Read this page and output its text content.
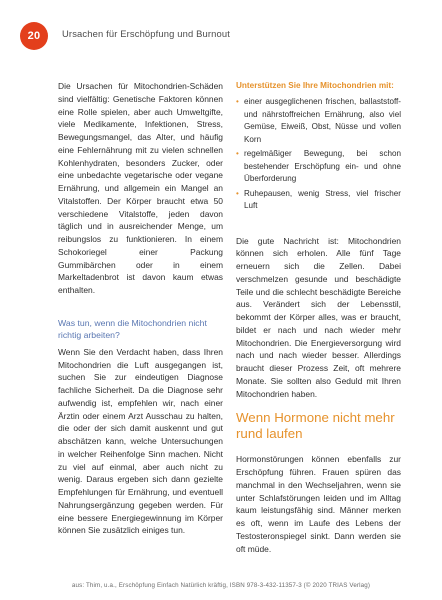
20 Ursachen für Erschöpfung und Burnout

Die Ursachen für Mitochondrien-Schäden sind vielfältig: Genetische Faktoren können eine Rolle spielen, aber auch Umweltgifte, viele Medikamente, Infektionen, Stress, Bewegungsmangel, das Alter, und häufig eine Fehlernährung mit zu vielen schnellen Kohlenhydraten, besonders Zucker, oder eine unbedachte vegetarische oder vegane Ernährung, und allgemein ein Mangel an Vitalstoffen. Der Körper braucht etwa 50 verschiedene Vitalstoffe, jeden davon täglich und in ausreichender Menge, um reibungslos zu funktionieren. In einem Schokoriegel einer Packung Gummibärchen oder in einem Markeltadenbrot ist davon kaum etwas enthalten.

Was tun, wenn die Mitochondrien nicht richtig arbeiten?

Wenn Sie den Verdacht haben, dass Ihren Mitochondrien die Luft ausgegangen ist, suchen Sie zur eindeutigen Diagnose fachliche Sicherheit. Da die Diagnose sehr aufwendig ist, empfehlen wir, nach einer Ärztin oder einem Arzt Ausschau zu halten, die oder der sich damit auskennt und gut abschätzen kann, welche Untersuchungen in welcher Reihenfolge Sinn machen. Nicht zu viel auf einmal, aber auch nicht zu wenig. Daraus ergeben sich dann gezielte Empfehlungen für Ernährung, und eventuell Nahrungsergänzung gegeben werden. Für eine bessere Energiegewinnung im Körper können Sie zusätzlich einiges tun.

Unterstützen Sie Ihre Mitochondrien mit:
• einer ausgeglichenen frischen, ballaststoff- und nährstoffreichen Ernährung, also viel Gemüse, Eiweiß, Obst, Nüsse und vollen Korn
• regelmäßiger Bewegung, bei schon bestehender Erschöpfung ein- und ohne Überforderung
• Ruhepausen, wenig Stress, viel frischer Luft

Die gute Nachricht ist: Mitochondrien können sich erholen. Alle fünf Tage erneuern sich die Zellen. Dabei verschmelzen gesunde und beschädigte Teile und die schlecht beschädigte Bereiche aus. Verändert sich der Lebensstil, bekommt der Körper alles, was er braucht, bildet er nach und nach wieder mehr Mitochondrien. Die Energieversorgung wird nach und nach wieder besser. Allerdings braucht dieser Prozess Zeit, oft mehrere Monate. Sie sollten also Geduld mit Ihren Mitochondrien haben.

Wenn Hormone nicht mehr rund laufen

Hormonstörungen können ebenfalls zur Erschöpfung führen. Frauen spüren das manchmal in den Wechseljahren, wenn sie unter Schlafstörungen leiden und im Alltag kaum leistungsfähig sind. Männer merken es oft, wenn im Laufe des Lebens der Testosteronspiegel sinkt. Dann werden sie oft müde.

aus: Thim, u.a., Erschöpfung Einfach Natürlich kräftig, ISBN 978-3-432-11357-3 (© 2020 TRIAS Verlag)
